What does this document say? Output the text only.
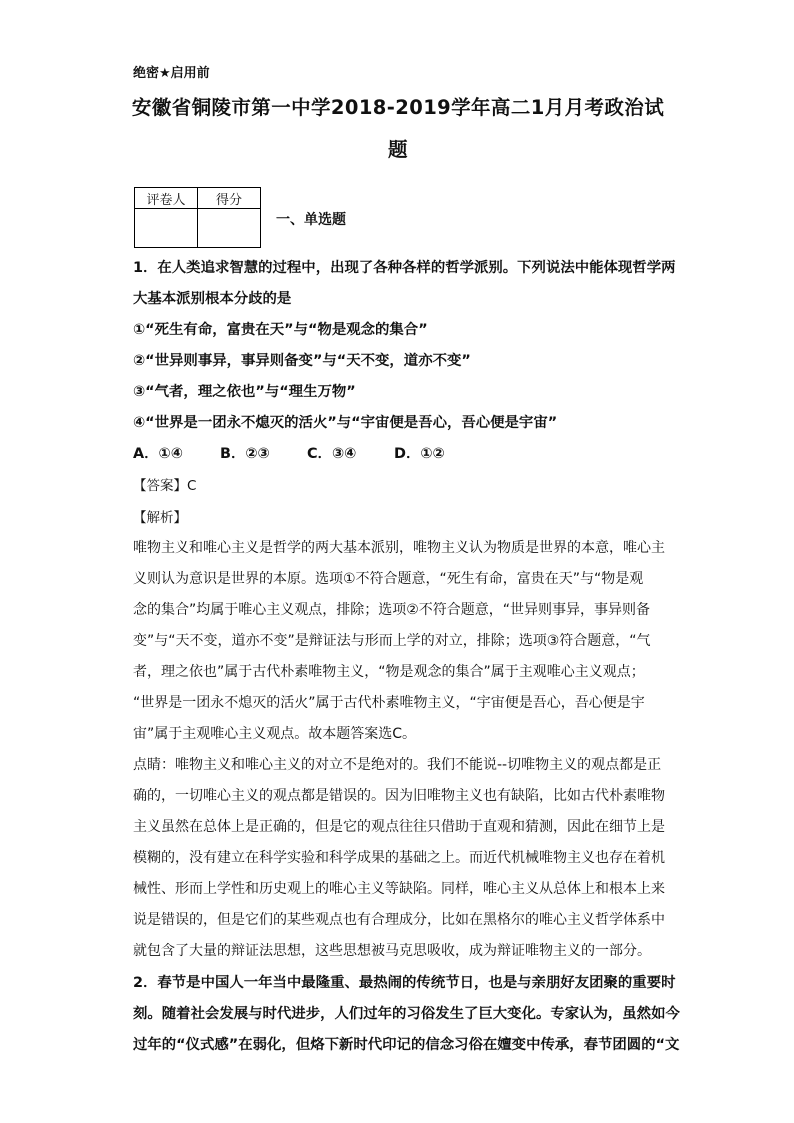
绝密★启用前
安徽省铜陵市第一中学2018-2019学年高二1月月考政治试
题
评卷人	得分

一、单选题
1．在人类追求智慧的过程中，出现了各种各样的哲学派别。下列说法中能体现哲学两
大基本派别根本分歧的是
①“死生有命，富贵在天”与“物是观念的集合”
②“世异则事异，事异则备变”与“天不变，道亦不变”
③“气者，理之依也”与“理生万物”
④“世界是一团永不熄灭的活火”与“宇宙便是吾心，吾心便是宇宙”
A．①④	B．②③	C．③④	D．①②
【答案】C
【解析】
唯物主义和唯心主义是哲学的两大基本派别，唯物主义认为物质是世界的本意，唯心主
义则认为意识是世界的本原。选项①不符合题意，“死生有命，富贵在天”与“物是观
念的集合”均属于唯心主义观点，排除；选项②不符合题意，“世异则事异，事异则备
变”与“天不变，道亦不变”是辩证法与形而上学的对立，排除；选项③符合题意，“气
者，理之依也”属于古代朴素唯物主义，“物是观念的集合”属于主观唯心主义观点；
“世界是一团永不熄灭的活火”属于古代朴素唯物主义，“宇宙便是吾心，吾心便是宇
宙”属于主观唯心主义观点。故本题答案选C。
点睛：唯物主义和唯心主义的对立不是绝对的。我们不能说--切唯物主义的观点都是正
确的，一切唯心主义的观点都是错误的。因为旧唯物主义也有缺陷，比如古代朴素唯物
主义虽然在总体上是正确的，但是它的观点往往只借助于直观和猜测，因此在细节上是
模糊的，没有建立在科学实验和科学成果的基础之上。而近代机械唯物主义也存在着机
械性、形而上学性和历史观上的唯心主义等缺陷。同样，唯心主义从总体上和根本上来
说是错误的，但是它们的某些观点也有合理成分，比如在黑格尔的唯心主义哲学体系中
就包含了大量的辩证法思想，这些思想被马克思吸收，成为辩证唯物主义的一部分。
2．春节是中国人一年当中最隆重、最热闹的传统节日，也是与亲朋好友团聚的重要时
刻。随着社会发展与时代进步，人们过年的习俗发生了巨大变化。专家认为，虽然如今
过年的“仪式感”在弱化，但烙下新时代印记的信念习俗在嬗变中传承，春节团圆的“文
